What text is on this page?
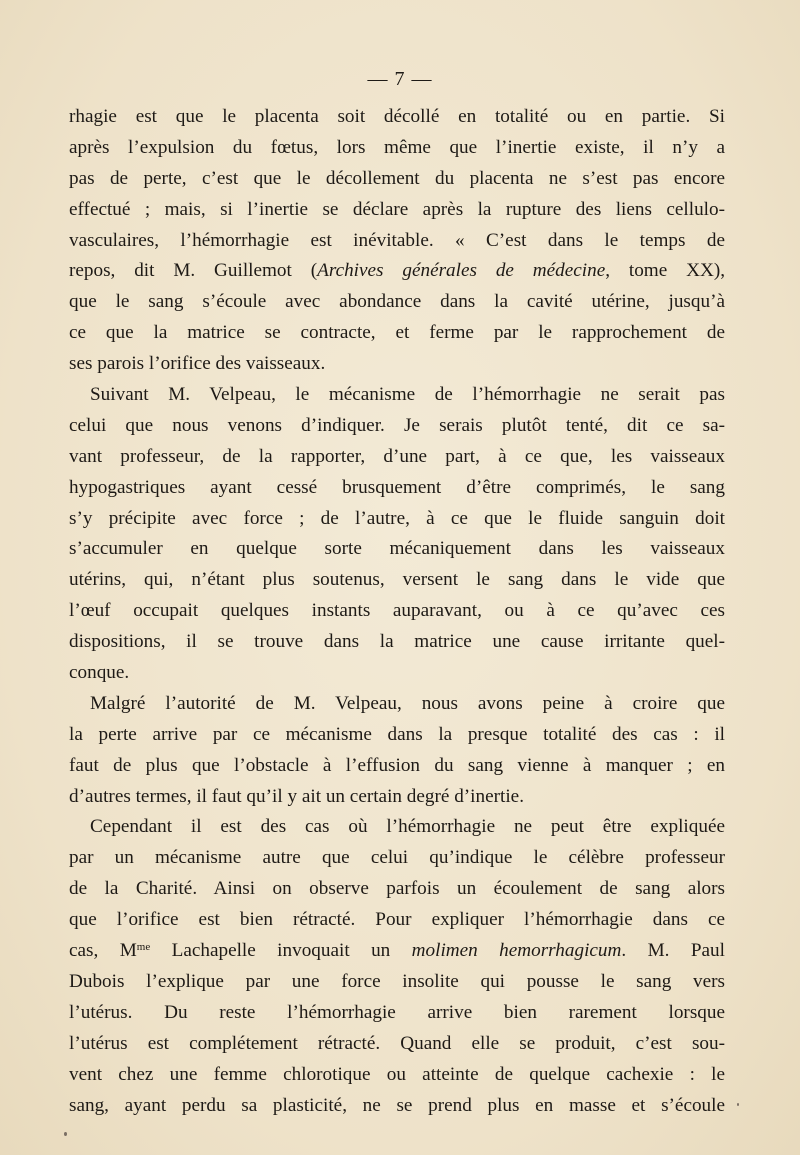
— 7 —
rhagie est que le placenta soit décollé en totalité ou en partie. Si
après l’expulsion du fœtus, lors même que l’inertie existe, il n’y a
pas de perte, c’est que le décollement du placenta ne s’est pas encore
effectué ; mais, si l’inertie se déclare après la rupture des liens cellulo-
vasculaires, l’hémorrhagie est inévitable. « C’est dans le temps de
repos, dit M. Guillemot (Archives générales de médecine, tome XX),
que le sang s’écoule avec abondance dans la cavité utérine, jusqu’à
ce que la matrice se contracte, et ferme par le rapprochement de
ses parois l’orifice des vaisseaux.
Suivant M. Velpeau, le mécanisme de l’hémorrhagie ne serait pas
celui que nous venons d’indiquer. Je serais plutôt tenté, dit ce sa-
vant professeur, de la rapporter, d’une part, à ce que, les vaisseaux
hypogastriques ayant cessé brusquement d’être comprimés, le sang
s’y précipite avec force ; de l’autre, à ce que le fluide sanguin doit
s’accumuler en quelque sorte mécaniquement dans les vaisseaux
utérins, qui, n’étant plus soutenus, versent le sang dans le vide que
l’œuf occupait quelques instants auparavant, ou à ce qu’avec ces
dispositions, il se trouve dans la matrice une cause irritante quel-
conque.
Malgré l’autorité de M. Velpeau, nous avons peine à croire que
la perte arrive par ce mécanisme dans la presque totalité des cas : il
faut de plus que l’obstacle à l’effusion du sang vienne à manquer ; en
d’autres termes, il faut qu’il y ait un certain degré d’inertie.
Cependant il est des cas où l’hémorrhagie ne peut être expliquée
par un mécanisme autre que celui qu’indique le célèbre professeur
de la Charité. Ainsi on observe parfois un écoulement de sang alors
que l’orifice est bien rétracté. Pour expliquer l’hémorrhagie dans ce
cas, $M^{me}$ Lachapelle invoquait un molimen hemorrhagicum. M. Paul
Dubois l’explique par une force insolite qui pousse le sang vers
l’utérus. Du reste l’hémorrhagie arrive bien rarement lorsque
l’utérus est complétement rétracté. Quand elle se produit, c’est sou-
vent chez une femme chlorotique ou atteinte de quelque cachexie : le
sang, ayant perdu sa plasticité, ne se prend plus en masse et s’écoule
